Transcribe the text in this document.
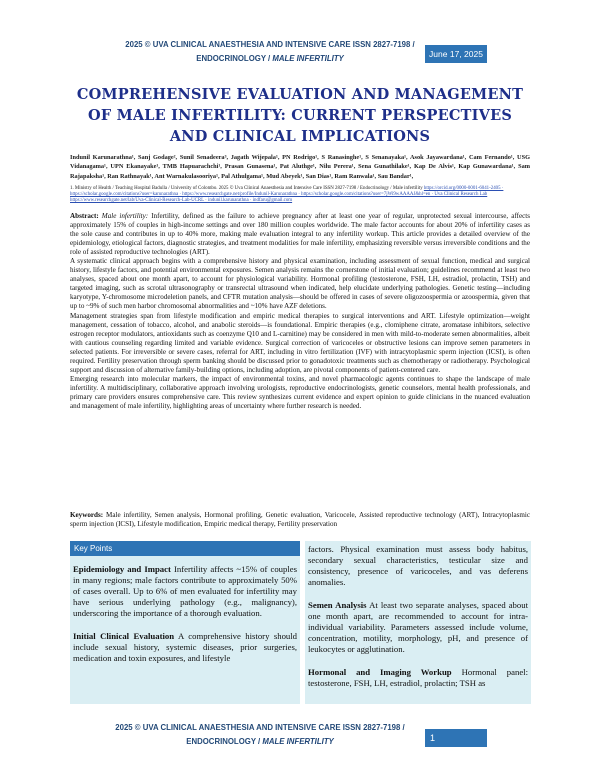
2025 © UVA CLINICAL ANAESTHESIA AND INTENSIVE CARE ISSN 2827-7198 /
ENDOCRINOLOGY / MALE INFERTILITY	June 17, 2025
COMPREHENSIVE EVALUATION AND MANAGEMENT OF MALE INFERTILITY: CURRENT PERSPECTIVES AND CLINICAL IMPLICATIONS
Indunil Karunarathna¹, Sanj Godage², Sunil Senadeera³, Jagath Wijepala¹, PN Rodrigo¹, S Ranasinghe¹, S Senanayaka¹, Asok Jayawardana¹, Cam Fernando¹, USG Vidanagama¹, UPN Ekanayake¹, TMB Hapuarachchi¹, Prasan Gunasena¹, Pat Aluthge¹, Nilu Perera¹, Sena Gunathilake¹, Kap De Alvis¹, Kap Gunawardana¹, Sam Rajapaksha¹, Ran Rathnayak¹, Ant Warnakulasooriya¹, Pal Athulgama¹, Mud Abeyek¹, San Dias¹, Ram Ranwala¹, Sau Bandar¹,
1. Ministry of Health / Teaching Hospital Badulla / University of Colombo. 2025 © Uva Clinical Anaesthesia and Intensive Care ISSN 2827-7198 / Endocrinology / Male infertility https://orcid.org/0000-0001-6041-2405 · https://scholar.google.com/citations?user=karunarathna · https://www.researchgate.net/profile/Indunil-Karunarathna · https://scholar.google.com/citations?user=7jWi9wAAAAJ&hl=en · Uva Clinical Research Lab https://www.researchgate.net/lab/Uva-Clinical-Research-Lab-UCRL · indunil.karunarathna · indfaru@gmail.com

Abstract: Male infertility: Infertility, defined as the failure to achieve pregnancy after at least one year of regular, unprotected sexual intercourse, affects approximately 15% of couples in high-income settings and over 180 million couples worldwide. The male factor accounts for about 20% of infertility cases as the sole cause and contributes in up to 40% more, making male evaluation integral to any infertility workup. This article provides a detailed overview of the epidemiology, etiological factors, diagnostic strategies, and treatment modalities for male infertility, emphasizing reversible versus irreversible conditions and the role of assisted reproductive technologies (ART).

A systematic clinical approach begins with a comprehensive history and physical examination, including assessment of sexual function, medical and surgical history, lifestyle factors, and potential environmental exposures. Semen analysis remains the cornerstone of initial evaluation; guidelines recommend at least two analyses, spaced about one month apart, to account for physiological variability. Hormonal profiling (testosterone, FSH, LH, estradiol, prolactin, TSH) and targeted imaging, such as scrotal ultrasonography or transrectal ultrasound when indicated, help elucidate underlying pathologies. Genetic testing—including karyotype, Y-chromosome microdeletion panels, and CFTR mutation analysis—should be offered in cases of severe oligozoospermia or azoospermia, given that up to ~9% of such men harbor chromosomal abnormalities and ~10% have AZF deletions.

Management strategies span from lifestyle modification and empiric medical therapies to surgical interventions and ART. Lifestyle optimization—weight management, cessation of tobacco, alcohol, and anabolic steroids—is foundational. Empiric therapies (e.g., clomiphene citrate, aromatase inhibitors, selective estrogen receptor modulators, antioxidants such as coenzyme Q10 and L-carnitine) may be considered in men with mild-to-moderate semen abnormalities, albeit with cautious counseling regarding limited and variable evidence. Surgical correction of varicoceles or obstructive lesions can improve semen parameters in selected patients. For irreversible or severe cases, referral for ART, including in vitro fertilization (IVF) with intracytoplasmic sperm injection (ICSI), is often required. Fertility preservation through sperm banking should be discussed prior to gonadotoxic treatments such as chemotherapy or radiotherapy. Psychological support and discussion of alternative family-building options, including adoption, are pivotal components of patient-centered care.

Emerging research into molecular markers, the impact of environmental toxins, and novel pharmacologic agents continues to shape the landscape of male infertility. A multidisciplinary, collaborative approach involving urologists, reproductive endocrinologists, genetic counselors, mental health professionals, and primary care providers ensures comprehensive care. This review synthesizes current evidence and expert opinion to guide clinicians in the nuanced evaluation and management of male infertility, highlighting areas of uncertainty where further research is needed.

Keywords: Male infertility, Semen analysis, Hormonal profiling, Genetic evaluation, Varicocele, Assisted reproductive technology (ART), Intracytoplasmic sperm injection (ICSI), Lifestyle modification, Empiric medical therapy, Fertility preservation
Key Points

Epidemiology and Impact Infertility affects ~15% of couples in many regions; male factors contribute to approximately 50% of cases overall. Up to 6% of men evaluated for infertility may have serious underlying pathology (e.g., malignancy), underscoring the importance of a thorough evaluation.

Initial Clinical Evaluation A comprehensive history should include sexual history, systemic diseases, prior surgeries, medication and toxin exposures, and lifestyle

factors. Physical examination must assess body habitus, secondary sexual characteristics, testicular size and consistency, presence of varicoceles, and vas deferens anomalies.

Semen Analysis At least two separate analyses, spaced about one month apart, are recommended to account for intra-individual variability. Parameters assessed include volume, concentration, motility, morphology, pH, and presence of leukocytes or agglutination.

Hormonal and Imaging Workup Hormonal panel: testosterone, FSH, LH, estradiol, prolactin; TSH as

2025 © UVA CLINICAL ANAESTHESIA AND INTENSIVE CARE ISSN 2827-7198 /
ENDOCRINOLOGY / MALE INFERTILITY	1
